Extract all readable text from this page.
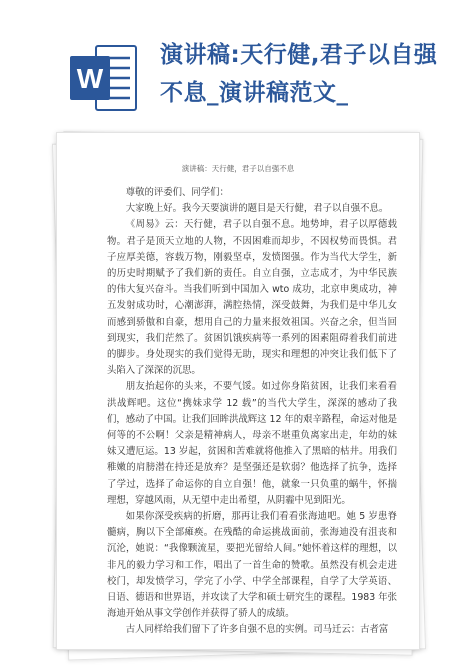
W
演讲稿:天行健,君子以自强
不息_演讲稿范文_
演讲稿：天行健，君子以自强不息

尊敬的评委们、同学们：

大家晚上好。我今天要演讲的题目是天行健，君子以自强不息。

《周易》云：天行健，君子以自强不息。地势坤，君子以厚德载物。君子是顶天立地的人物，不因困难而却步，不因权势而畏惧。君子应厚美德，容载万物，刚毅坚卓，发愤图强。作为当代大学生，新的历史时期赋予了我们新的责任。自立自强，立志成才，为中华民族的伟大复兴奋斗。当我们听到中国加入 wto 成功，北京申奥成功，神五发射成功时，心潮澎湃，满腔热情，深受鼓舞，为我们是中华儿女而感到骄傲和自豪，想用自己的力量来报效祖国。兴奋之余，但当回到现实，我们茫然了。贫困饥饿疾病等一系列的困素阻碍着我们前进的脚步。身处现实的我们觉得无助，现实和理想的冲突让我们低下了头陷入了深深的沉思。

朋友抬起你的头来，不要气馁。如过你身陷贫困，让我们来看看洪战辉吧。这位“携妹求学 12 载”的当代大学生，深深的感动了我们，感动了中国。让我们回眸洪战辉这 12 年的艰辛路程，命运对他是何等的不公啊！父亲是精神病人，母亲不堪重负离家出走，年幼的妹妹又遭厄运。13 岁起，贫困和苦难就将他推入了黑暗的枯井。用我们稚嫩的肩膀潜在持还是放弃？是坚强还是软弱？他选择了抗争，选择了学过，选择了命运你的自立自强！他，就象一只负重的蜗牛，怀揣理想，穿越风雨，从无望中走出希望，从阴霾中见到阳光。

如果你深受疾病的折磨，那再让我们看看张海迪吧。她 5 岁患脊髓病，胸以下全部瘫痪。在残酷的命运挑战面前，张海迪没有沮丧和沉沦，她说：“我像颗流星，要把光留给人间。”她怀着这样的理想，以非凡的毅力学习和工作，唱出了一首生命的赞歌。虽然没有机会走进校门，却发愤学习，学完了小学、中学全部课程，自学了大学英语、日语、德语和世界语，并攻读了大学和硕士研究生的课程。1983 年张海迪开始从事文学创作并获得了骄人的成绩。

古人同样给我们留下了许多自强不息的实例。司马迁云：古者富
